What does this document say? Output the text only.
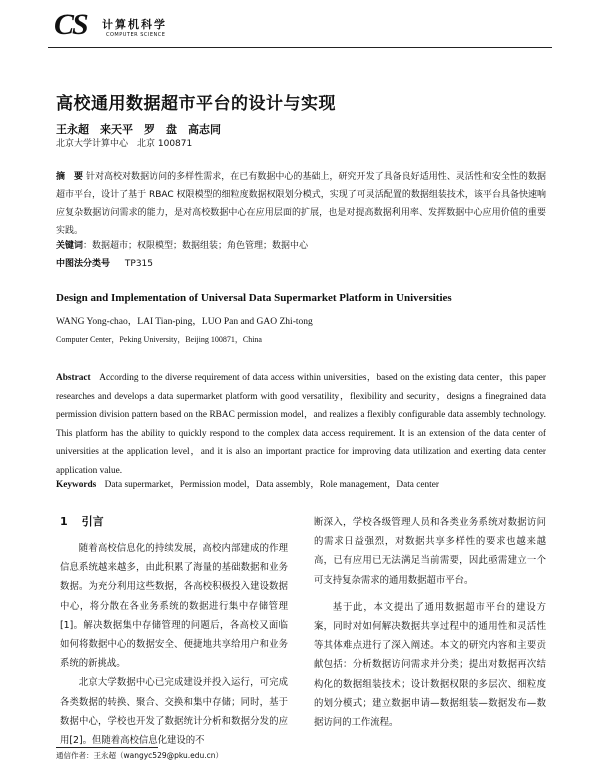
CS 计算机科学
COMPUTER SCIENCE
高校通用数据超市平台的设计与实现
王永超　来天平　罗　盘　高志同
北京大学计算中心　北京 100871
摘　要 针对高校对数据访问的多样性需求，在已有数据中心的基础上，研究开发了具备良好适用性、灵活性和安全性的数据超市平台，设计了基于 RBAC 权限模型的细粒度数据权限划分模式，实现了可灵活配置的数据组装技术，该平台具备快速响应复杂数据访问需求的能力，是对高校数据中心在应用层面的扩展，也是对提高数据利用率、发挥数据中心应用价值的重要实践。
关键词：数据超市；权限模型；数据组装；角色管理；数据中心
中图法分类号 TP315
Design and Implementation of Universal Data Supermarket Platform in Universities
WANG Yong-chao，LAI Tian-ping，LUO Pan and GAO Zhi-tong
Computer Center，Peking University，Beijing 100871，China
Abstract According to the diverse requirement of data access within universities，based on the existing data center，this paper researches and develops a data supermarket platform with good versatility，flexibility and security，designs a finegrained data permission division pattern based on the RBAC permission model，and realizes a flexibly configurable data assembly technology. This platform has the ability to quickly respond to the complex data access requirement. It is an extension of the data center of universities at the application level，and it is also an important practice for improving data utilization and exerting data center application value.
Keywords Data supermarket，Permission model，Data assembly，Role management，Data center
1 引言

随着高校信息化的持续发展，高校内部建成的作理信息系统越来越多，由此积累了海量的基础数据和业务数据。为充分利用这些数据，各高校积极投入建设数据中心，将分散在各业务系统的数据进行集中存储管理[1]。解决数据集中存储管理的问题后，各高校又面临如何将数据中心的数据安全、便捷地共享给用户和业务系统的新挑战。

北京大学数据中心已完成建设并投入运行，可完成各类数据的转换、聚合、交换和集中存储；同时，基于数据中心，学校也开发了数据统计分析和数据分发的应用[2]。但随着高校信息化建设的不

断深入，学校各级管理人员和各类业务系统对数据访问的需求日益强烈，对数据共享多样性的要求也越来越高，已有应用已无法满足当前需要，因此亟需建立一个可支持复杂需求的通用数据超市平台。

基于此，本文提出了通用数据超市平台的建设方案，同时对如何解决数据共享过程中的通用性和灵活性等其体难点进行了深入阐述。本文的研究内容和主要贡献包括：分析数据访问需求并分类；提出对数据再次结构化的数据组装技术；设计数据权限的多层次、细粒度的划分模式；建立数据申请—数据组装—数据发布—数据访问的工作流程。

通信作者：王永超（wangyc529@pku.edu.cn）
